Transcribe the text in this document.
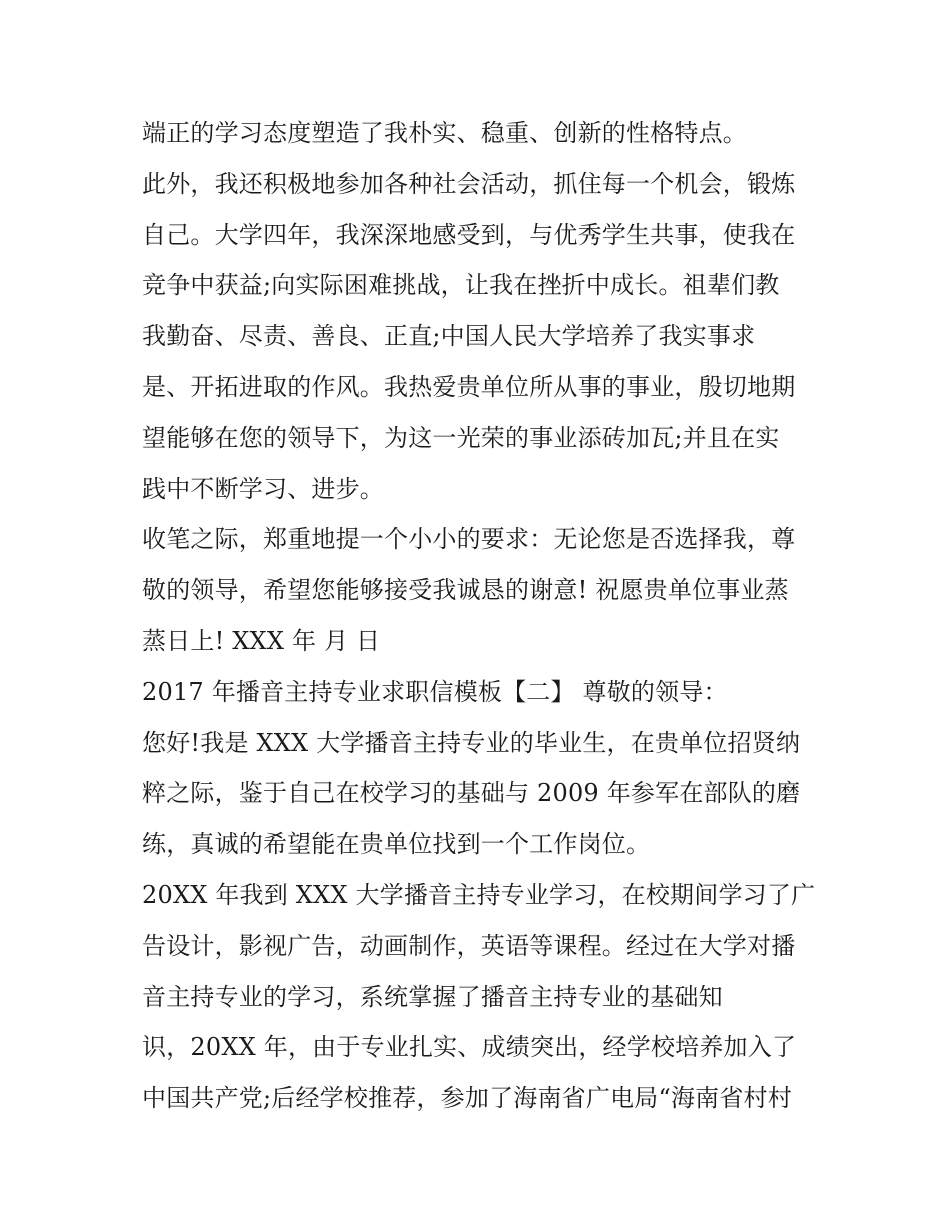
端正的学习态度塑造了我朴实、稳重、创新的性格特点。
此外，我还积极地参加各种社会活动，抓住每一个机会，锻炼
自己。大学四年，我深深地感受到，与优秀学生共事，使我在
竞争中获益;向实际困难挑战，让我在挫折中成长。祖辈们教
我勤奋、尽责、善良、正直;中国人民大学培养了我实事求
是、开拓进取的作风。我热爱贵单位所从事的事业，殷切地期
望能够在您的领导下，为这一光荣的事业添砖加瓦;并且在实
践中不断学习、进步。
收笔之际，郑重地提一个小小的要求：无论您是否选择我，尊
敬的领导，希望您能够接受我诚恳的谢意! 祝愿贵单位事业蒸
蒸日上! XXX 年 月 日
2017 年播音主持专业求职信模板【二】 尊敬的领导：
您好!我是 XXX 大学播音主持专业的毕业生，在贵单位招贤纳
粹之际，鉴于自己在校学习的基础与 2009 年参军在部队的磨
练，真诚的希望能在贵单位找到一个工作岗位。
20XX 年我到 XXX 大学播音主持专业学习，在校期间学习了广
告设计，影视广告，动画制作，英语等课程。经过在大学对播
音主持专业的学习，系统掌握了播音主持专业的基础知
识，20XX 年，由于专业扎实、成绩突出，经学校培养加入了
中国共产党;后经学校推荐，参加了海南省广电局“海南省村村
